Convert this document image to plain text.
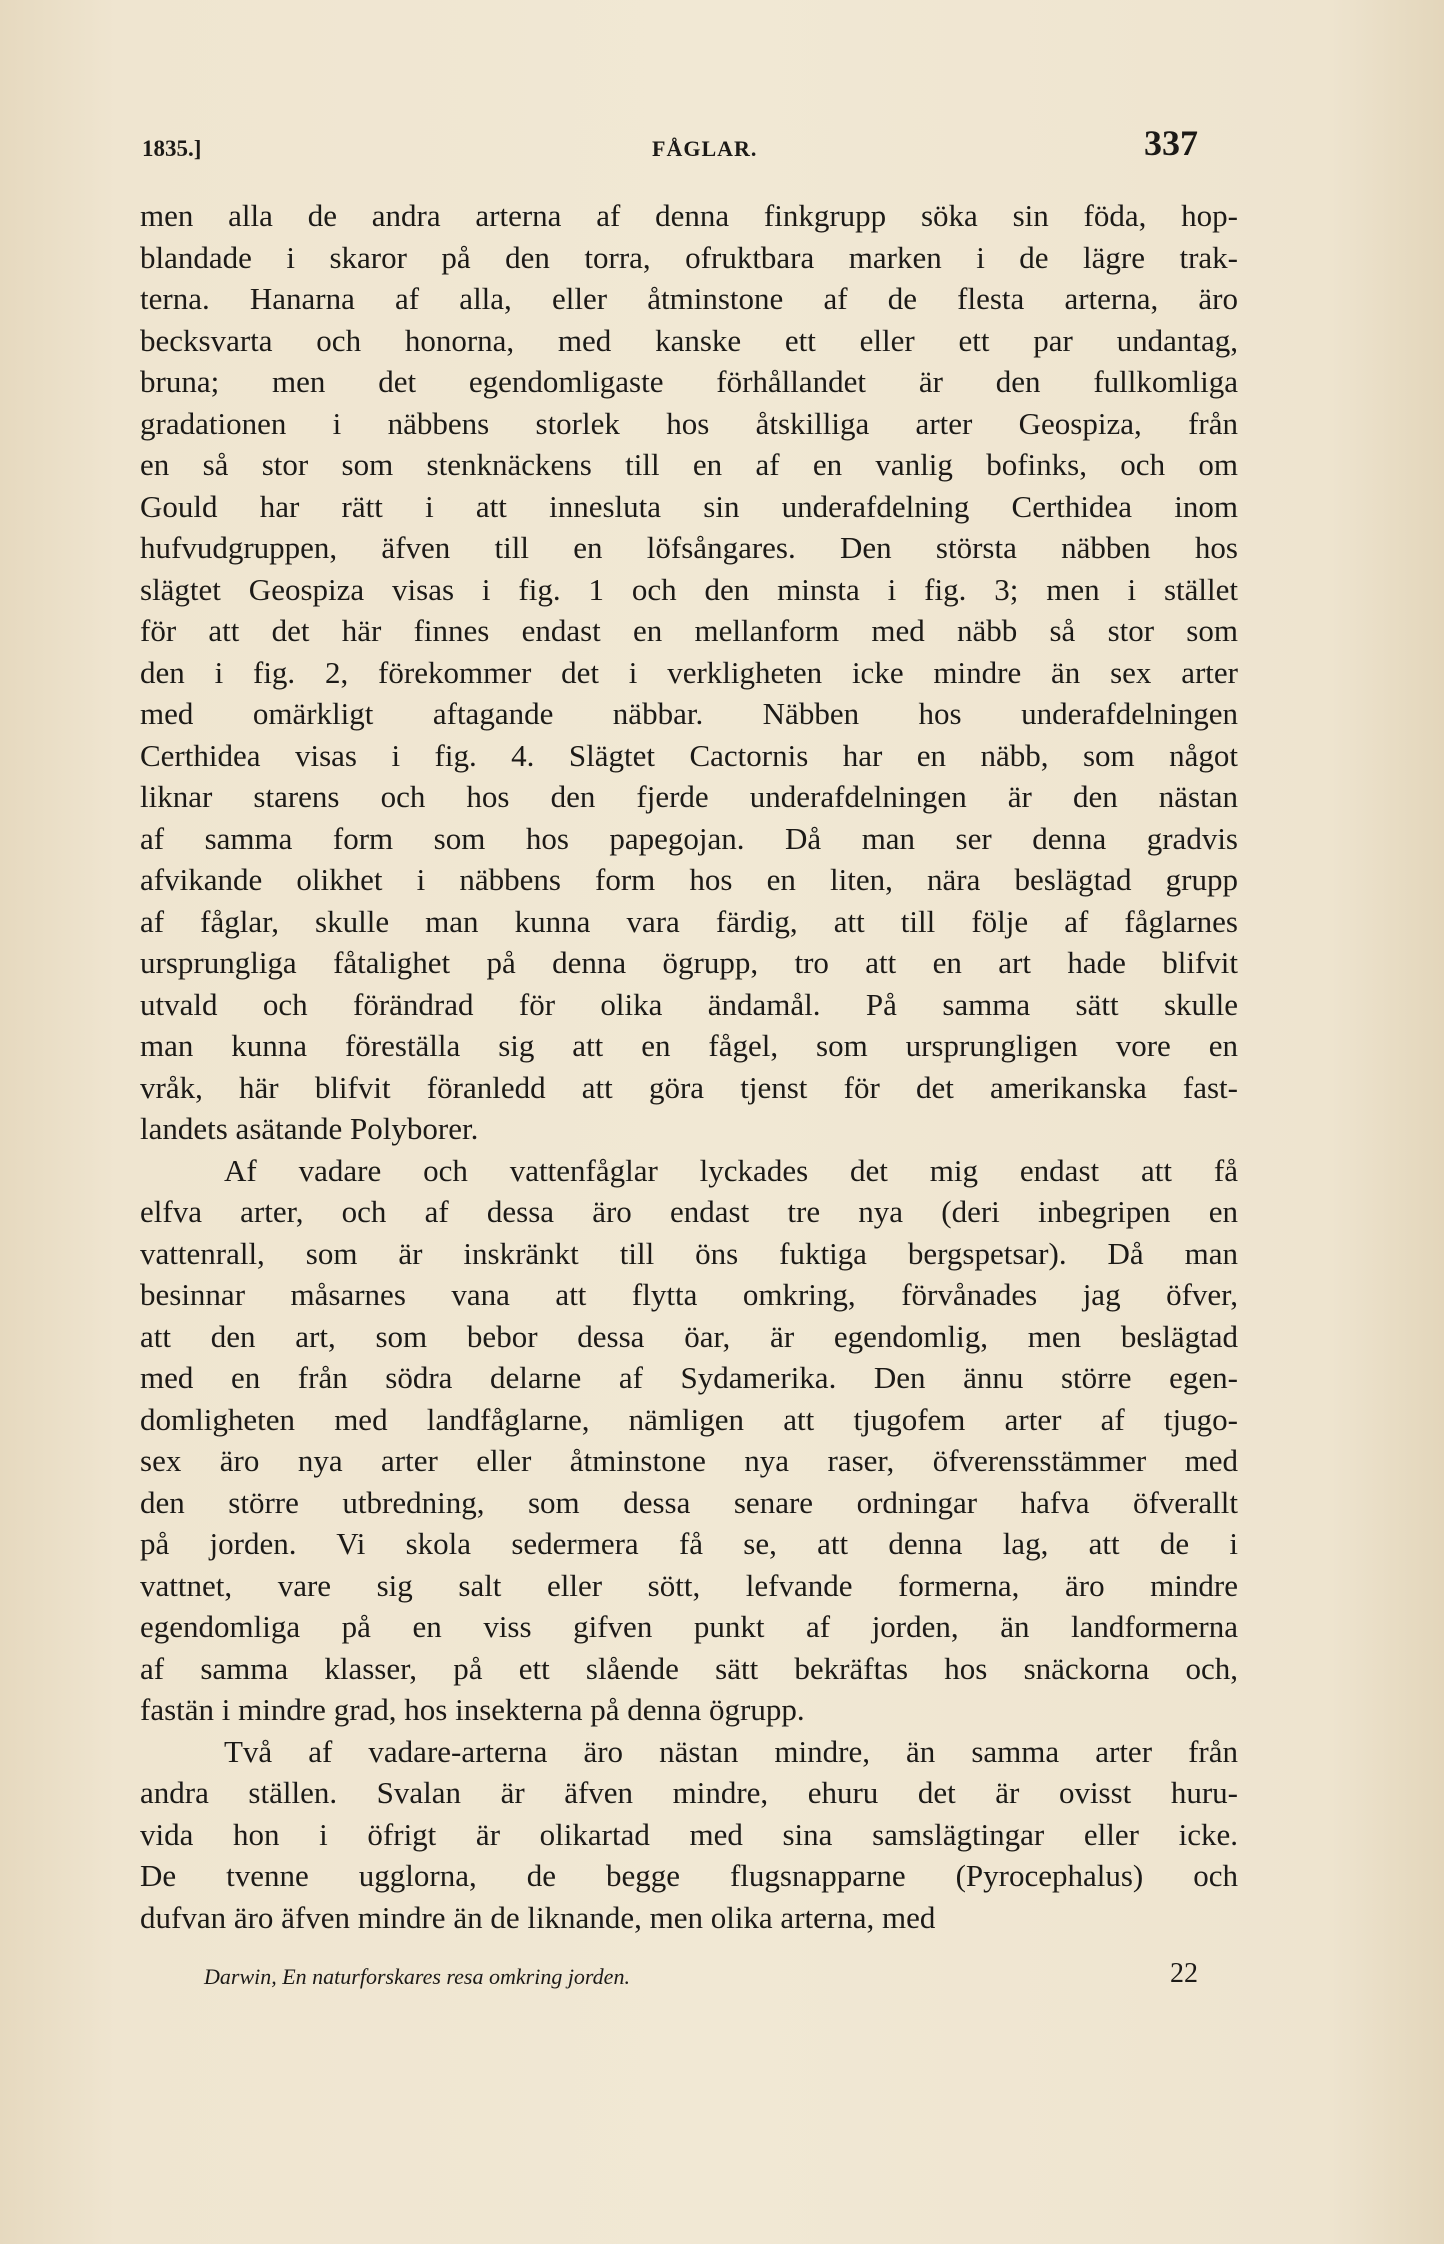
1835.]	FÅGLAR.	337

men alla de andra arterna af denna finkgrupp söka sin föda, hop-
blandade i skaror på den torra, ofruktbara marken i de lägre trak-
terna. Hanarna af alla, eller åtminstone af de flesta arterna, äro
becksvarta och honorna, med kanske ett eller ett par undantag,
bruna; men det egendomligaste förhållandet är den fullkomliga
gradationen i näbbens storlek hos åtskilliga arter Geospiza, från
en så stor som stenknäckens till en af en vanlig bofinks, och om
Gould har rätt i att innesluta sin underafdelning Certhidea inom
hufvudgruppen, äfven till en löfsångares. Den största näbben hos
slägtet Geospiza visas i fig. 1 och den minsta i fig. 3; men i stället
för att det här finnes endast en mellanform med näbb så stor som
den i fig. 2, förekommer det i verkligheten icke mindre än sex arter
med omärkligt aftagande näbbar. Näbben hos underafdelningen
Certhidea visas i fig. 4. Slägtet Cactornis har en näbb, som något
liknar starens och hos den fjerde underafdelningen är den nästan
af samma form som hos papegojan. Då man ser denna gradvis
afvikande olikhet i näbbens form hos en liten, nära beslägtad grupp
af fåglar, skulle man kunna vara färdig, att till följe af fåglarnes
ursprungliga fåtalighet på denna ögrupp, tro att en art hade blifvit
utvald och förändrad för olika ändamål. På samma sätt skulle
man kunna föreställa sig att en fågel, som ursprungligen vore en
vråk, här blifvit föranledd att göra tjenst för det amerikanska fast-
landets asätande Polyborer.

Af vadare och vattenfåglar lyckades det mig endast att få
elfva arter, och af dessa äro endast tre nya (deri inbegripen en
vattenrall, som är inskränkt till öns fuktiga bergspetsar). Då man
besinnar måsarnes vana att flytta omkring, förvånades jag öfver,
att den art, som bebor dessa öar, är egendomlig, men beslägtad
med en från södra delarne af Sydamerika. Den ännu större egen-
domligheten med landfåglarne, nämligen att tjugofem arter af tjugo-
sex äro nya arter eller åtminstone nya raser, öfverensstämmer med
den större utbredning, som dessa senare ordningar hafva öfverallt
på jorden. Vi skola sedermera få se, att denna lag, att de i
vattnet, vare sig salt eller sött, lefvande formerna, äro mindre
egendomliga på en viss gifven punkt af jorden, än landformerna
af samma klasser, på ett slående sätt bekräftas hos snäckorna och,
fastän i mindre grad, hos insekterna på denna ögrupp.

Två af vadare-arterna äro nästan mindre, än samma arter från
andra ställen. Svalan är äfven mindre, ehuru det är ovisst huru-
vida hon i öfrigt är olikartad med sina samslägtingar eller icke.
De tvenne ugglorna, de begge flugsnapparne (Pyrocephalus) och
dufvan äro äfven mindre än de liknande, men olika arterna, med

Darwin, En naturforskares resa omkring jorden.	22
